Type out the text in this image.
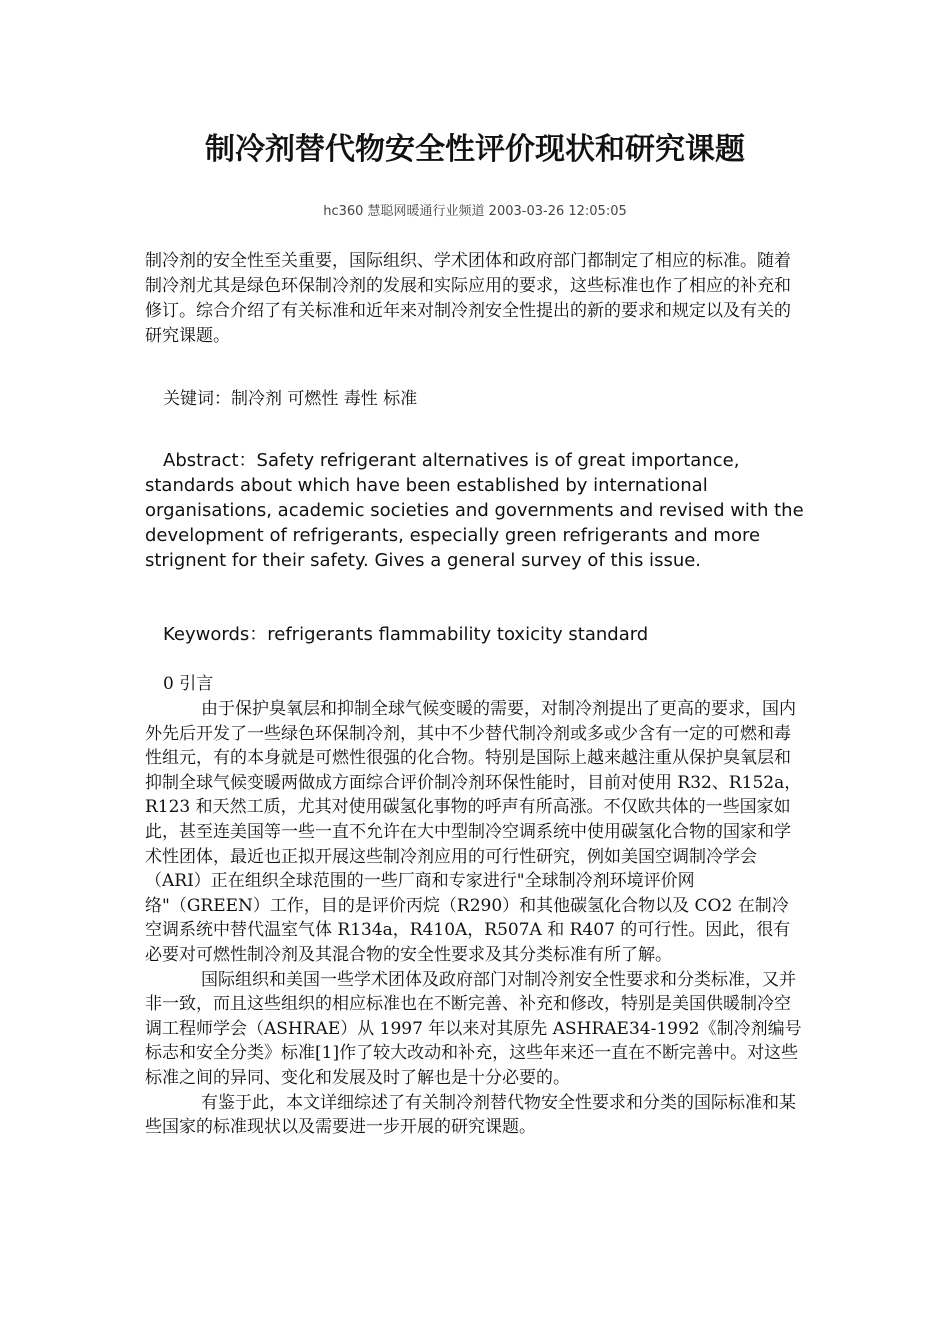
制冷剂替代物安全性评价现状和研究课题
hc360 慧聪网暖通行业频道 2003-03-26 12:05:05

制冷剂的安全性至关重要，国际组织、学术团体和政府部门都制定了相应的标准。随着制冷剂尤其是绿色环保制冷剂的发展和实际应用的要求，这些标准也作了相应的补充和修订。综合介绍了有关标准和近年来对制冷剂安全性提出的新的要求和规定以及有关的研究课题。

关键词：制冷剂 可燃性 毒性 标准

Abstract：Safety refrigerant alternatives is of great importance, standards about which have been established by international organisations, academic societies and governments and revised with the development of refrigerants, especially green refrigerants and more strignent for their safety. Gives a general survey of this issue.

Keywords：refrigerants flammability toxicity standard

0 引言

由于保护臭氧层和抑制全球气候变暖的需要，对制冷剂提出了更高的要求，国内外先后开发了一些绿色环保制冷剂，其中不少替代制冷剂或多或少含有一定的可燃和毒性组元，有的本身就是可燃性很强的化合物。特别是国际上越来越注重从保护臭氧层和抑制全球气候变暖两做成方面综合评价制冷剂环保性能时，目前对使用 R32、R152a，R123 和天然工质，尤其对使用碳氢化事物的呼声有所高涨。不仅欧共体的一些国家如此，甚至连美国等一些一直不允许在大中型制冷空调系统中使用碳氢化合物的国家和学术性团体，最近也正拟开展这些制冷剂应用的可行性研究，例如美国空调制冷学会（ARI）正在组织全球范围的一些厂商和专家进行"全球制冷剂环境评价网络"（GREEN）工作，目的是评价丙烷（R290）和其他碳氢化合物以及 CO2 在制冷空调系统中替代温室气体 R134a，R410A，R507A 和 R407 的可行性。因此，很有必要对可燃性制冷剂及其混合物的安全性要求及其分类标准有所了解。

国际组织和美国一些学术团体及政府部门对制冷剂安全性要求和分类标准，又并非一致，而且这些组织的相应标准也在不断完善、补充和修改，特别是美国供暖制冷空调工程师学会（ASHRAE）从 1997 年以来对其原先 ASHRAE34-1992《制冷剂编号标志和安全分类》标准[1]作了较大改动和补充，这些年来还一直在不断完善中。对这些标准之间的异同、变化和发展及时了解也是十分必要的。

有鉴于此，本文详细综述了有关制冷剂替代物安全性要求和分类的国际标准和某些国家的标准现状以及需要进一步开展的研究课题。
